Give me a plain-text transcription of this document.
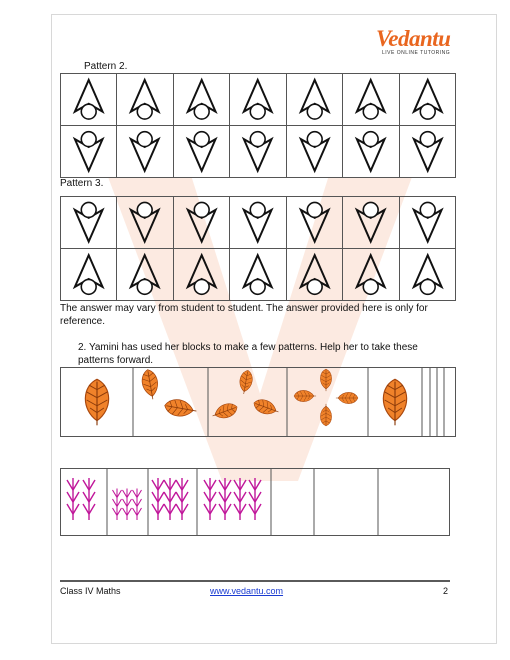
Vedantu
LIVE ONLINE TUTORING
Pattern 2.

Pattern 3.

The answer may vary from student to student. The answer provided here is only for reference.
2. Yamini has used her blocks to make a few patterns. Help her to take these patterns forward.
Class IV Maths	www.vedantu.com	2
